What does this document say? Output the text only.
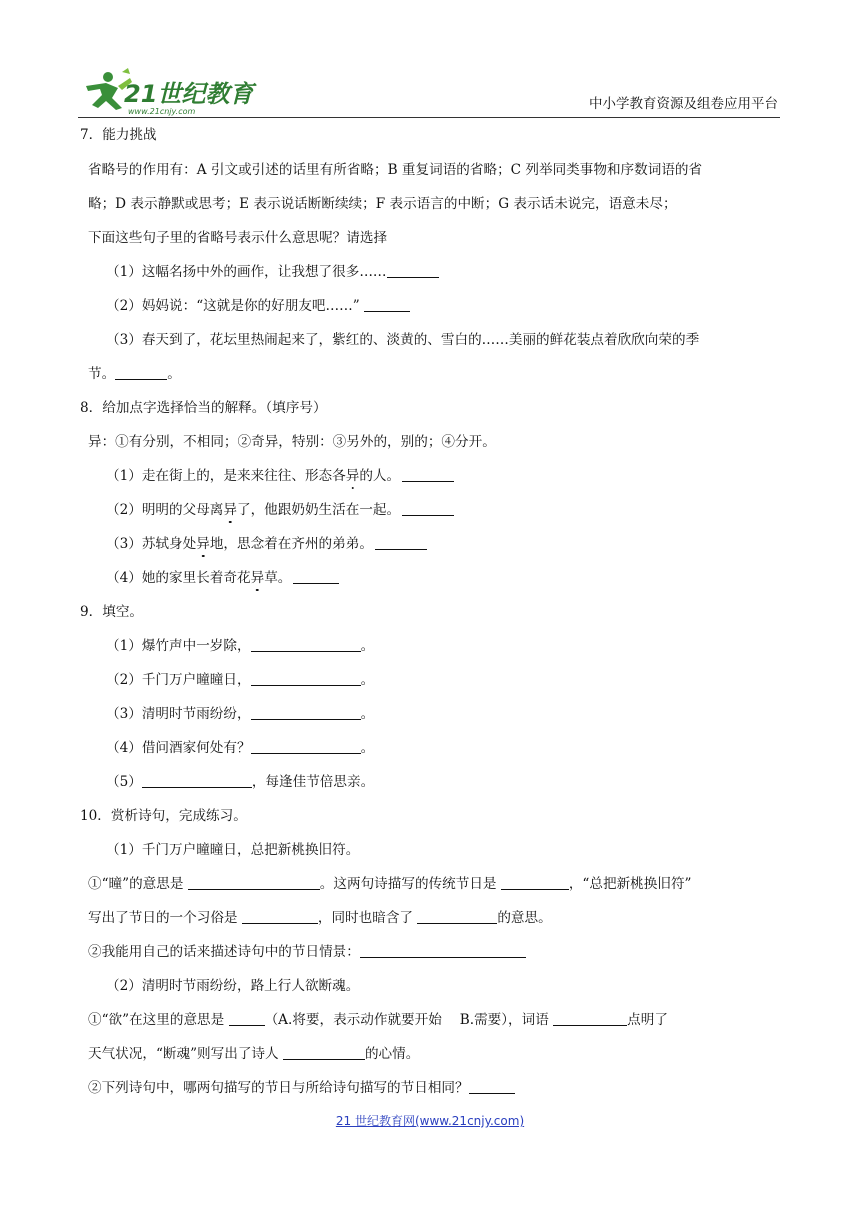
21世纪教育
www.21cnjy.com	中小学教育资源及组卷应用平台
7．能力挑战
省略号的作用有：A 引文或引述的话里有所省略；B 重复词语的省略；C 列举同类事物和序数词语的省
略；D 表示静默或思考；E 表示说话断断续续；F 表示语言的中断；G 表示话未说完，语意未尽；
下面这些句子里的省略号表示什么意思呢？请选择
（1）这幅名扬中外的画作，让我想了很多……
（2）妈妈说：“这就是你的好朋友吧……”
（3）春天到了，花坛里热闹起来了，紫红的、淡黄的、雪白的……美丽的鲜花装点着欣欣向荣的季
节。	。
8．给加点字选择恰当的解释。（填序号）
异：①有分别，不相同；②奇异，特别：③另外的，别的；④分开。
（1）走在街上的，是来来往往、形态各异的人。
（2）明明的父母离异了，他跟奶奶生活在一起。
（3）苏轼身处异地，思念着在齐州的弟弟。
（4）她的家里长着奇花异草。
9．填空。
（1）爆竹声中一岁除，	。
（2）千门万户曈曈日，	。
（3）清明时节雨纷纷，	。
（4）借问酒家何处有？	。
（5）	，每逢佳节倍思亲。
10．赏析诗句，完成练习。
（1）千门万户曈曈日，总把新桃换旧符。
①“曈”的意思是	。这两句诗描写的传统节日是	，“总把新桃换旧符”
写出了节日的一个习俗是	，同时也暗含了	的意思。
②我能用自己的话来描述诗句中的节日情景：
（2）清明时节雨纷纷，路上行人欲断魂。
①“欲”在这里的意思是	（A.将要，表示动作就要开始　 B.需要），词语	点明了
天气状况，“断魂”则写出了诗人	的心情。
②下列诗句中，哪两句描写的节日与所给诗句描写的节日相同？
21 世纪教育网(www.21cnjy.com)
